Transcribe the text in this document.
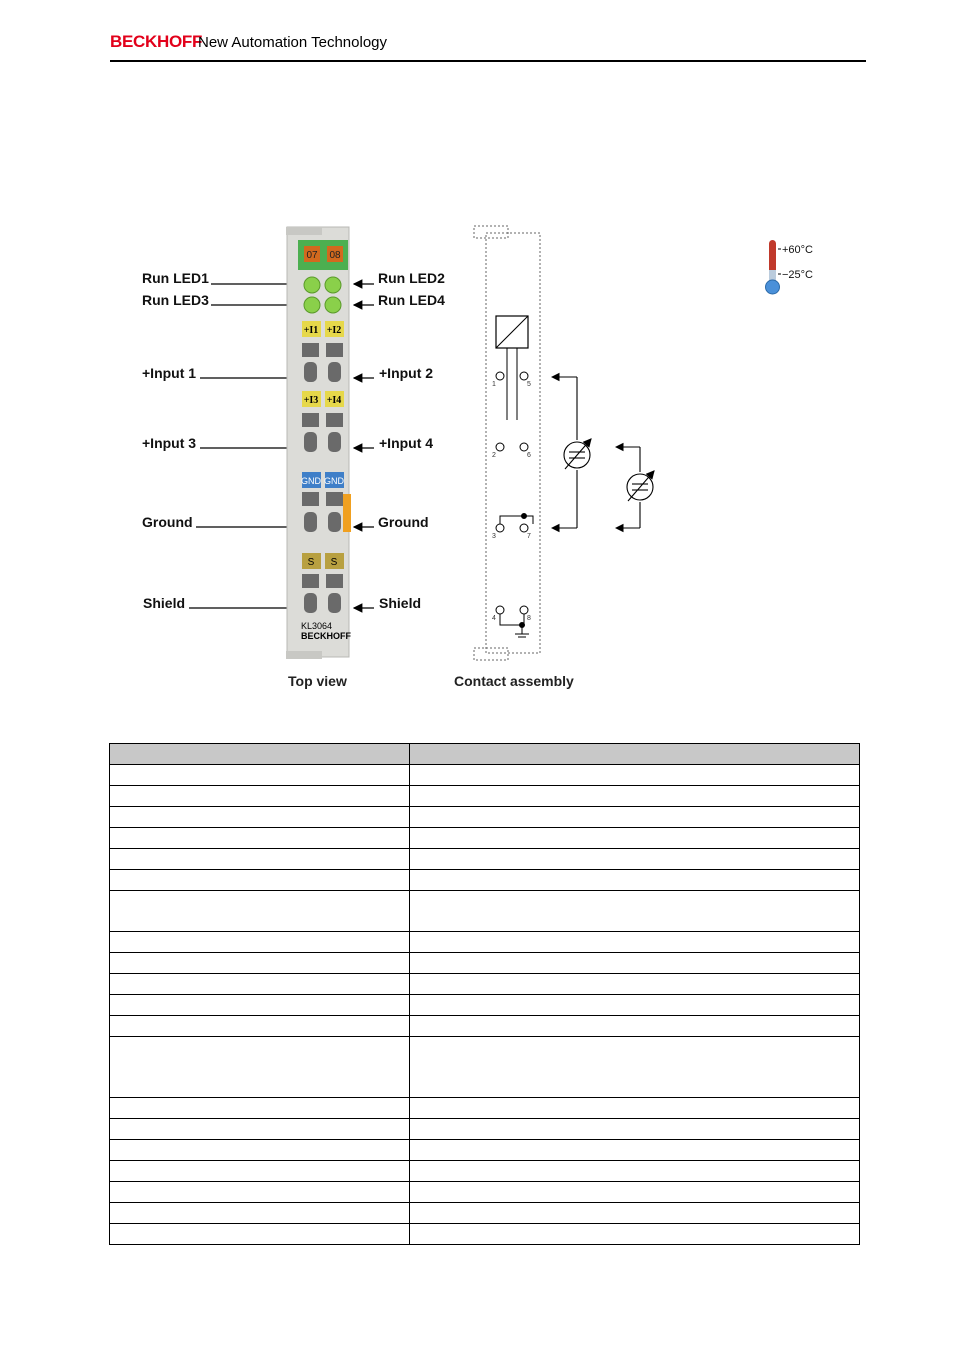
BECKHOFF
New Automation Technology
Run LED1
Run LED3
+Input 1
+Input 3
Ground
Shield
Run LED2
Run LED4
+Input 2
+Input 4
Ground
Shield
07 08
+I1 +I2
+I3 +I4
GND GND
S S
KL3064
BECKHOFF
1	5
2	6
3	7
4	8
+60°C
−25°C
Top view	Contact assembly
